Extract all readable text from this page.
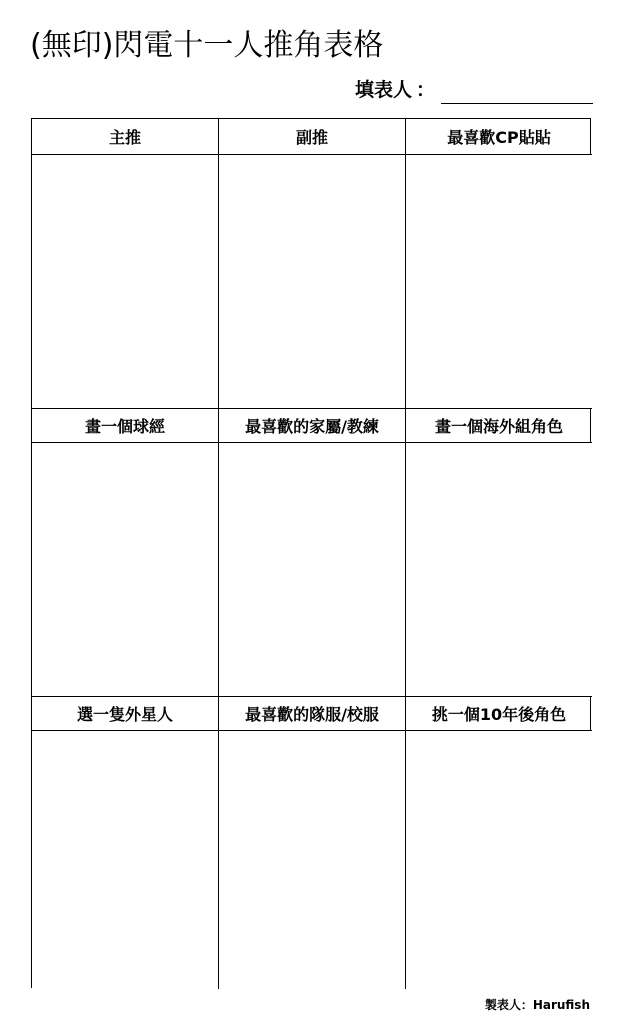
(無印)閃電十一人推角表格
填表人 ：
主推	副推	最喜歡CP貼貼
畫一個球經	最喜歡的家屬/教練	畫一個海外組角色
選一隻外星人	最喜歡的隊服/校服	挑一個10年後角色
製表人：Harufish
